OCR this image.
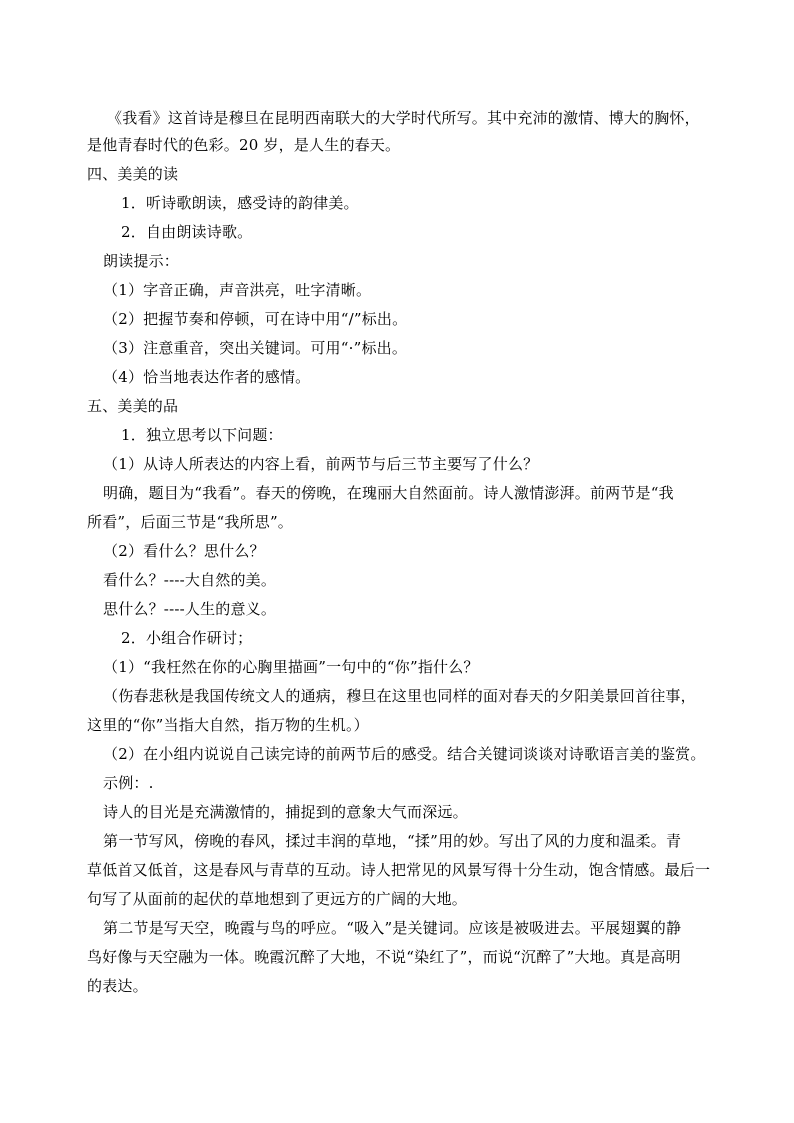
《我看》这首诗是穆旦在昆明西南联大的大学时代所写。其中充沛的激情、博大的胸怀，
是他青春时代的色彩。20 岁，是人生的春天。
四、美美的读
1．听诗歌朗读，感受诗的韵律美。
2．自由朗读诗歌。
朗读提示：
（1）字音正确，声音洪亮，吐字清晰。
（2）把握节奏和停顿，可在诗中用“/”标出。
（3）注意重音，突出关键词。可用“·”标出。
（4）恰当地表达作者的感情。
五、美美的品
1．独立思考以下问题：
（1）从诗人所表达的内容上看，前两节与后三节主要写了什么？
明确，题目为“我看”。春天的傍晚，在瑰丽大自然面前。诗人激情澎湃。前两节是“我
所看”，后面三节是“我所思”。
（2）看什么？思什么？
看什么？----大自然的美。
思什么？----人生的意义。
2．小组合作研讨；
（1）“我枉然在你的心胸里描画”一句中的“你”指什么？
（伤春悲秋是我国传统文人的通病，穆旦在这里也同样的面对春天的夕阳美景回首往事，
这里的“你”当指大自然，指万物的生机。）
（2）在小组内说说自己读完诗的前两节后的感受。结合关键词谈谈对诗歌语言美的鉴赏。
示例：.
诗人的目光是充满激情的，捕捉到的意象大气而深远。
第一节写风，傍晚的春风，揉过丰润的草地，“揉”用的妙。写出了风的力度和温柔。青
草低首又低首，这是春风与青草的互动。诗人把常见的风景写得十分生动，饱含情感。最后一
句写了从面前的起伏的草地想到了更远方的广阔的大地。
第二节是写天空，晚霞与鸟的呼应。“吸入”是关键词。应该是被吸进去。平展翅翼的静
鸟好像与天空融为一体。晚霞沉醉了大地，不说“染红了”，而说“沉醉了”大地。真是高明
的表达。
